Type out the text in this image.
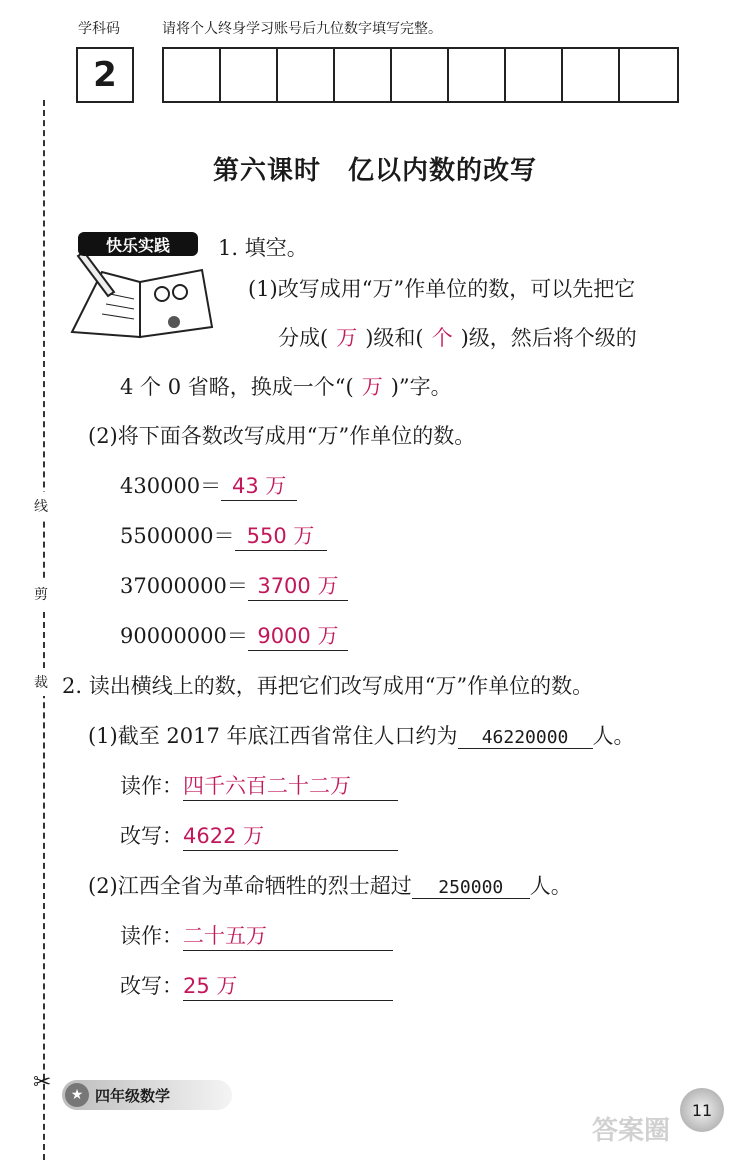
学科码	请将个人终身学习账号后九位数字填写完整。
2
线
剪
裁
✂
第六课时　亿以内数的改写
快乐实践	1. 填空。
(1)改写成用“万”作单位的数，可以先把它
分成( 万 )级和( 个 )级，然后将个级的
4 个 0 省略，换成一个“( 万 )”字。
(2)将下面各数改写成用“万”作单位的数。
430000＝ 43 万
5500000＝ 550 万
37000000＝ 3700 万
90000000＝ 9000 万
2. 读出横线上的数，再把它们改写成用“万”作单位的数。
(1)截至 2017 年底江西省常住人口约为 46220000 人。
读作：四千六百二十二万
改写：4622 万
(2)江西全省为革命牺牲的烈士超过 250000 人。
读作：二十五万
改写：25 万
★ 四年级数学
答案圈
11
